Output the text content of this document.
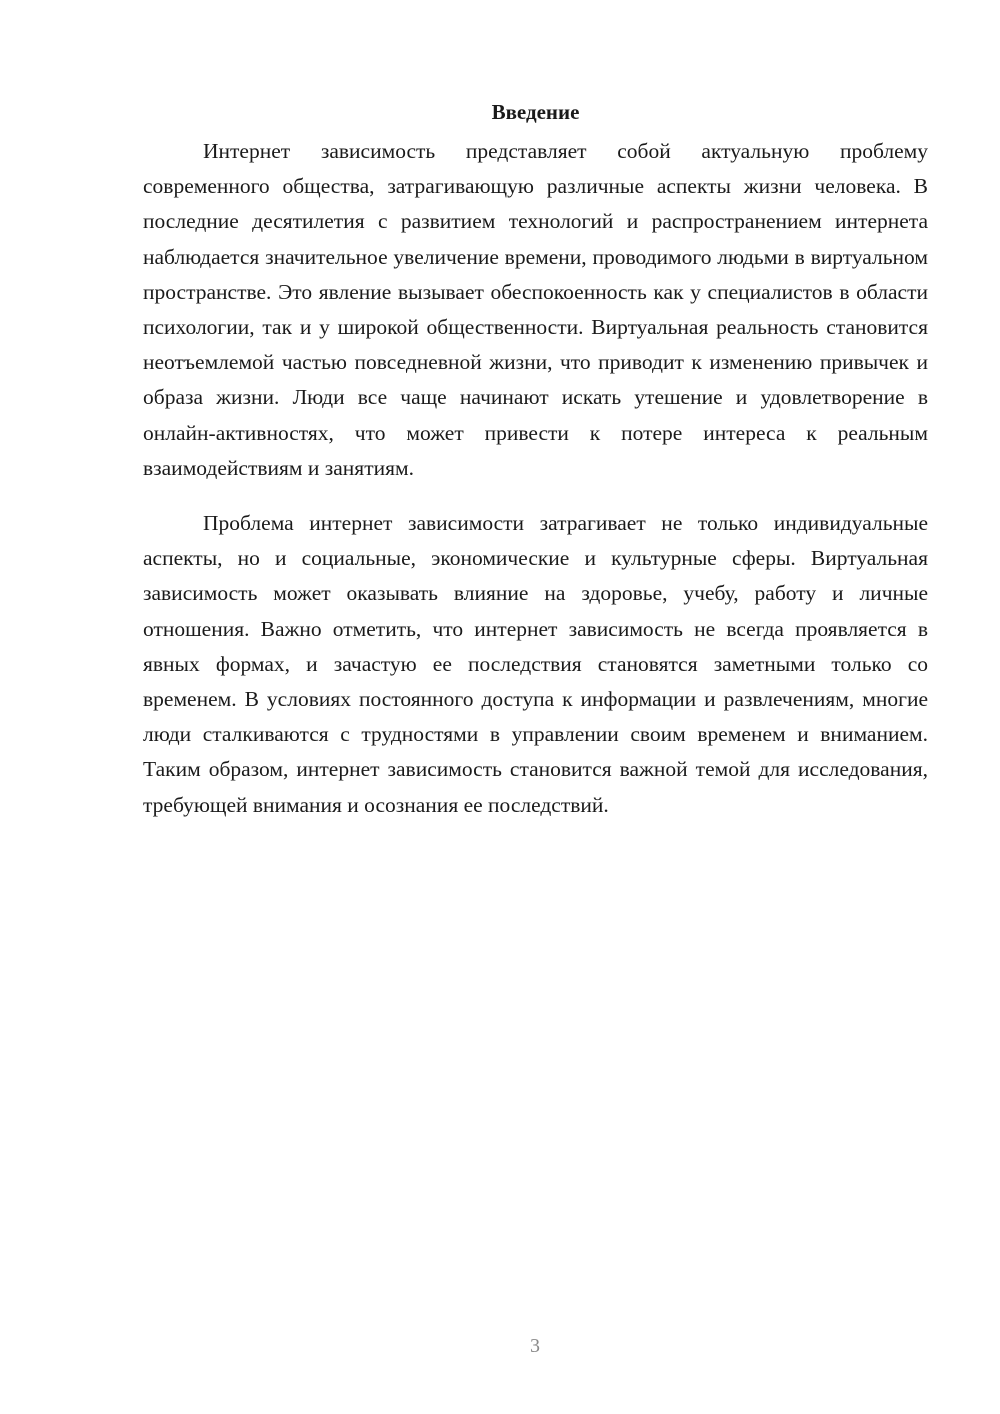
Введение

Интернет зависимость представляет собой актуальную проблему современного общества, затрагивающую различные аспекты жизни человека. В последние десятилетия с развитием технологий и распространением интернета наблюдается значительное увеличение времени, проводимого людьми в виртуальном пространстве. Это явление вызывает обеспокоенность как у специалистов в области психологии, так и у широкой общественности. Виртуальная реальность становится неотъемлемой частью повседневной жизни, что приводит к изменению привычек и образа жизни. Люди все чаще начинают искать утешение и удовлетворение в онлайн-активностях, что может привести к потере интереса к реальным взаимодействиям и занятиям.

Проблема интернет зависимости затрагивает не только индивидуальные аспекты, но и социальные, экономические и культурные сферы. Виртуальная зависимость может оказывать влияние на здоровье, учебу, работу и личные отношения. Важно отметить, что интернет зависимость не всегда проявляется в явных формах, и зачастую ее последствия становятся заметными только со временем. В условиях постоянного доступа к информации и развлечениям, многие люди сталкиваются с трудностями в управлении своим временем и вниманием. Таким образом, интернет зависимость становится важной темой для исследования, требующей внимания и осознания ее последствий.

3
